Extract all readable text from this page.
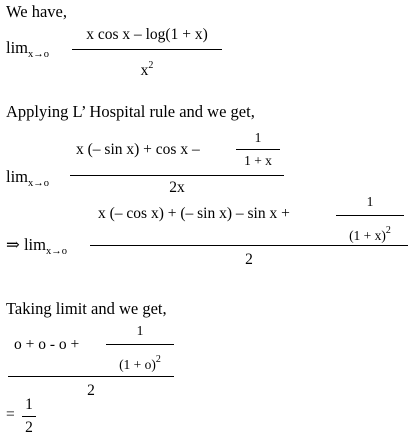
We have,
$\lim_{x\to o}$
x cos x – log(1 + x)
$x^2$
Applying L’ Hospital rule and we get,
$\lim_{x\to o}$
x (– sin x) + cos x –
1
1 + x
2x
⇒ $\lim_{x\to o}$
x (– cos x) + (– sin x) – sin x +
1
$(1 + x)^2$
2
Taking limit and we get,
o + o - o +
1
$(1 + o)^2$
2
=
1
2
